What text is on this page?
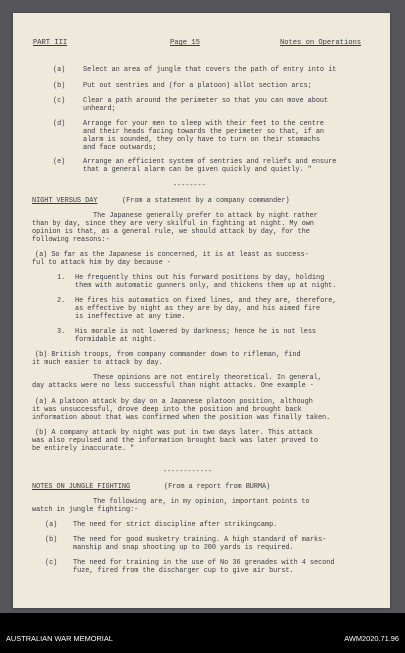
PART III	Page 15	Notes on Operations
(a)	Select an area of jungle that covers the path of entry into it
(b)	Put out sentries and (for a platoon) allot section arcs;
(c)	Clear a path around the perimeter so that you can move about
unheard;
(d)	Arrange for your men to sleep with their feet to the centre
and their heads facing towards the perimeter so that, if an
alarm is sounded, they only have to turn on their stomachs
and face outwards;
(e)	Arrange an efficient system of sentries and reliefs and ensure
that a general alarm can be given quickly and quietly. "
--------
NIGHT VERSUS DAY	(From a statement by a company commander)
The Japanese generally prefer to attack by night rather
than by day, since they are very skilful in fighting at night. My own
opinion is that, as a general rule, we should attack by day, for the
following reasons:-
(a) So far as the Japanese is concerned, it is at least as success-
ful to attack him by day because -
1. He frequently thins out his forward positions by day, holding
them with automatic gunners only, and thickens them up at night.
2. He fires his automatics on fixed lines, and they are, therefore,
as effective by night as they are by day, and his aimed fire
is ineffective at any time.
3. His morale is not lowered by darkness; hence he is not less
formidable at night.
(b) British troops, from company commander down to rifleman, find
it much easier to attack by day.
These opinions are not entirely theoretical. In general,
day attacks were no less successful than night attacks. One example -
(a) A platoon attack by day on a Japanese platoon position, although
it was unsuccessful, drove deep into the position and brought back
information about that was confirmed when the position was finally taken.
(b) A company attack by night was put in two days later. This attack
was also repulsed and the information brought back was later proved to
be entirely inaccurate. "
------------
NOTES ON JUNGLE FIGHTING	(From a report from BURMA)
The following are, in my opinion, important points to
watch in jungle fighting:-
(a) The need for strict discipline after strikingcamp.
(b) The need for good musketry training. A high standard of marks-
manship and snap shooting up to 200 yards is required.
(c) The need for training in the use of No 36 grenades with 4 second
fuze, fired from the discharger cup to give air burst.
AUSTRALIAN WAR MEMORIAL	AWM2020.71.96
